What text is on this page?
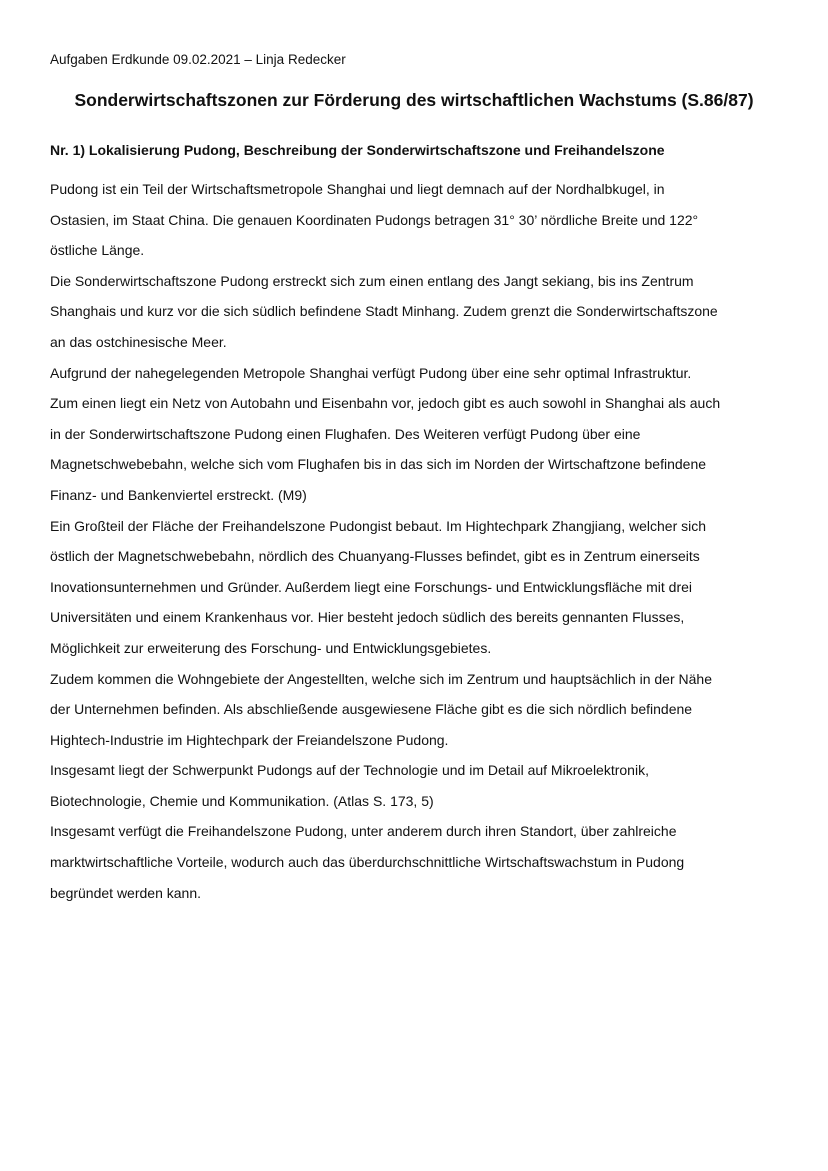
Aufgaben Erdkunde 09.02.2021 – Linja Redecker
Sonderwirtschaftszonen zur Förderung des wirtschaftlichen Wachstums (S.86/87)
Nr. 1) Lokalisierung Pudong, Beschreibung der Sonderwirtschaftszone und Freihandelszone
Pudong ist ein Teil der Wirtschaftsmetropole Shanghai und liegt demnach auf der Nordhalbkugel, in
Ostasien, im Staat China. Die genauen Koordinaten Pudongs betragen 31° 30’ nördliche Breite und 122°
östliche Länge.
Die Sonderwirtschaftszone Pudong erstreckt sich zum einen entlang des Jangt sekiang, bis ins Zentrum
Shanghais und kurz vor die sich südlich befindene Stadt Minhang. Zudem grenzt die Sonderwirtschaftszone
an das ostchinesische Meer.
Aufgrund der nahegelegenden Metropole Shanghai verfügt Pudong über eine sehr optimal Infrastruktur.
Zum einen liegt ein Netz von Autobahn und Eisenbahn vor, jedoch gibt es auch sowohl in Shanghai als auch
in der Sonderwirtschaftszone Pudong einen Flughafen. Des Weiteren verfügt Pudong über eine
Magnetschwebebahn, welche sich vom Flughafen bis in das sich im Norden der Wirtschaftzone befindene
Finanz- und Bankenviertel erstreckt. (M9)
Ein Großteil der Fläche der Freihandelszone Pudongist bebaut. Im Hightechpark Zhangjiang, welcher sich
östlich der Magnetschwebebahn, nördlich des Chuanyang-Flusses befindet, gibt es in Zentrum einerseits
Inovationsunternehmen und Gründer. Außerdem liegt eine Forschungs- und Entwicklungsfläche mit drei
Universitäten und einem Krankenhaus vor. Hier besteht jedoch südlich des bereits gennanten Flusses,
Möglichkeit zur erweiterung des Forschung- und Entwicklungsgebietes.
Zudem kommen die Wohngebiete der Angestellten, welche sich im Zentrum und hauptsächlich in der Nähe
der Unternehmen befinden. Als abschließende ausgewiesene Fläche gibt es die sich nördlich befindene
Hightech-Industrie im Hightechpark der Freiandelszone Pudong.
Insgesamt liegt der Schwerpunkt Pudongs auf der Technologie und im Detail auf Mikroelektronik,
Biotechnologie, Chemie und Kommunikation. (Atlas S. 173, 5)
Insgesamt verfügt die Freihandelszone Pudong, unter anderem durch ihren Standort, über zahlreiche
marktwirtschaftliche Vorteile, wodurch auch das überdurchschnittliche Wirtschaftswachstum in Pudong
begründet werden kann.
